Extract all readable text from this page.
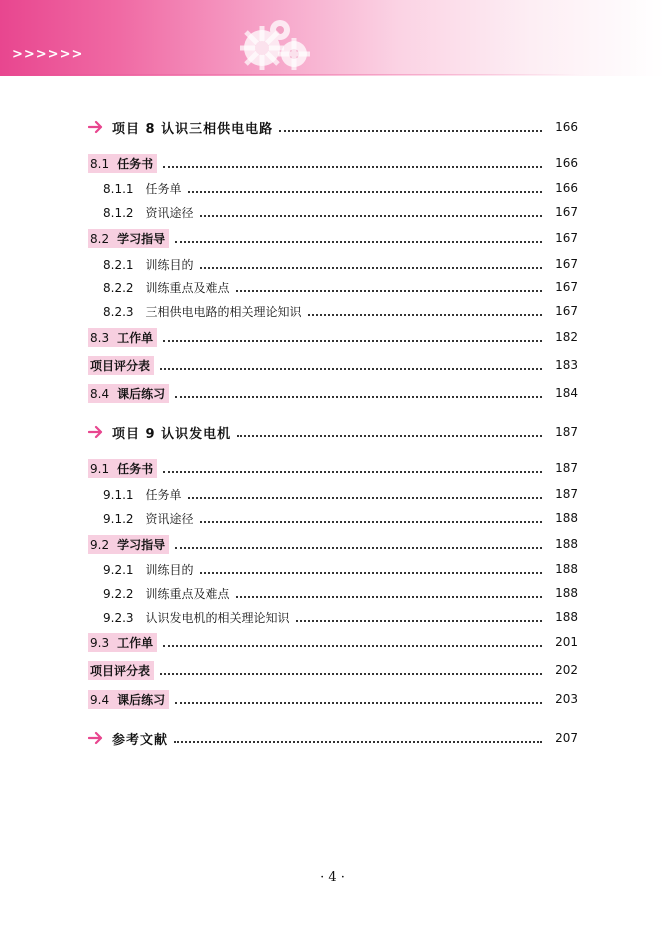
>>>>>>
项目 8 认识三相供电电路	166
8.1 任务书	166
8.1.1 任务单	166
8.1.2 资讯途径	167
8.2 学习指导	167
8.2.1 训练目的	167
8.2.2 训练重点及难点	167
8.2.3 三相供电电路的相关理论知识	167
8.3 工作单	182
项目评分表	183
8.4 课后练习	184
项目 9 认识发电机	187
9.1 任务书	187
9.1.1 任务单	187
9.1.2 资讯途径	188
9.2 学习指导	188
9.2.1 训练目的	188
9.2.2 训练重点及难点	188
9.2.3 认识发电机的相关理论知识	188
9.3 工作单	201
项目评分表	202
9.4 课后练习	203
参考文献	207
· 4 ·
